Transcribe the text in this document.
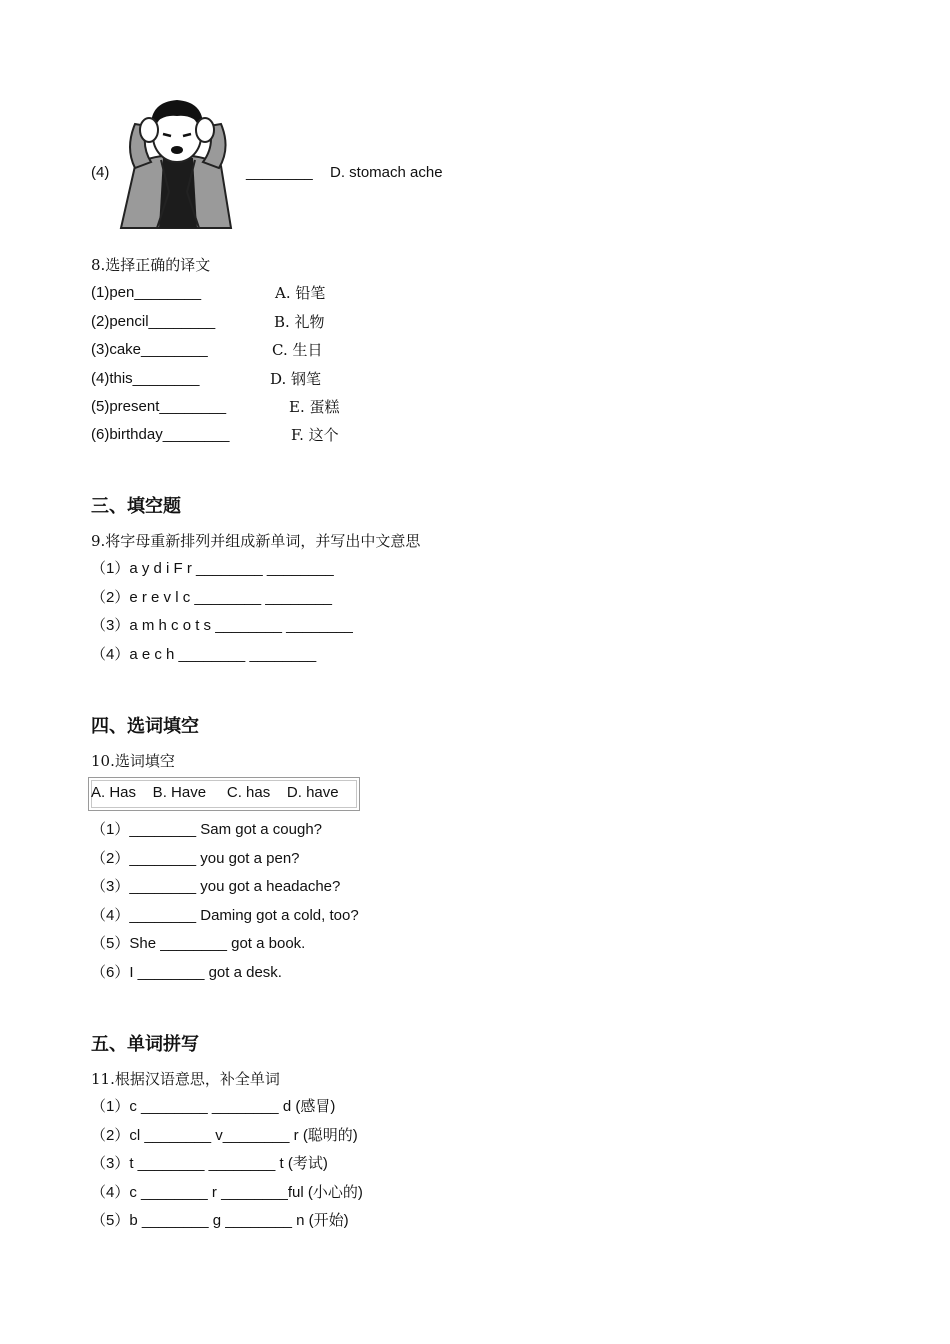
(4)	________ D. stomach ache
8.选择正确的译文
(1)pen________	A. 铅笔
(2)pencil________	B. 礼物
(3)cake________	C. 生日
(4)this________	D. 钢笔
(5)present________	E. 蛋糕
(6)birthday________	F. 这个
三、填空题
9.将字母重新排列并组成新单词，并写出中文意思
（1）a y d i F r ________ ________
（2）e r e v l c ________ ________
（3）a m h c o t s ________ ________
（4）a e c h ________ ________
四、选词填空
10.选词填空
A. Has    B. Have     C. has    D. have
（1）________ Sam got a cough?
（2）________ you got a pen?
（3）________ you got a headache?
（4）________ Daming got a cold, too?
（5）She ________ got a book.
（6）I ________ got a desk.
五、单词拼写
11.根据汉语意思，补全单词
（1）c ________ ________ d (感冒)
（2）cl ________ v________ r (聪明的)
（3）t ________ ________ t (考试)
（4）c ________ r ________ful (小心的)
（5）b ________ g ________ n (开始)
